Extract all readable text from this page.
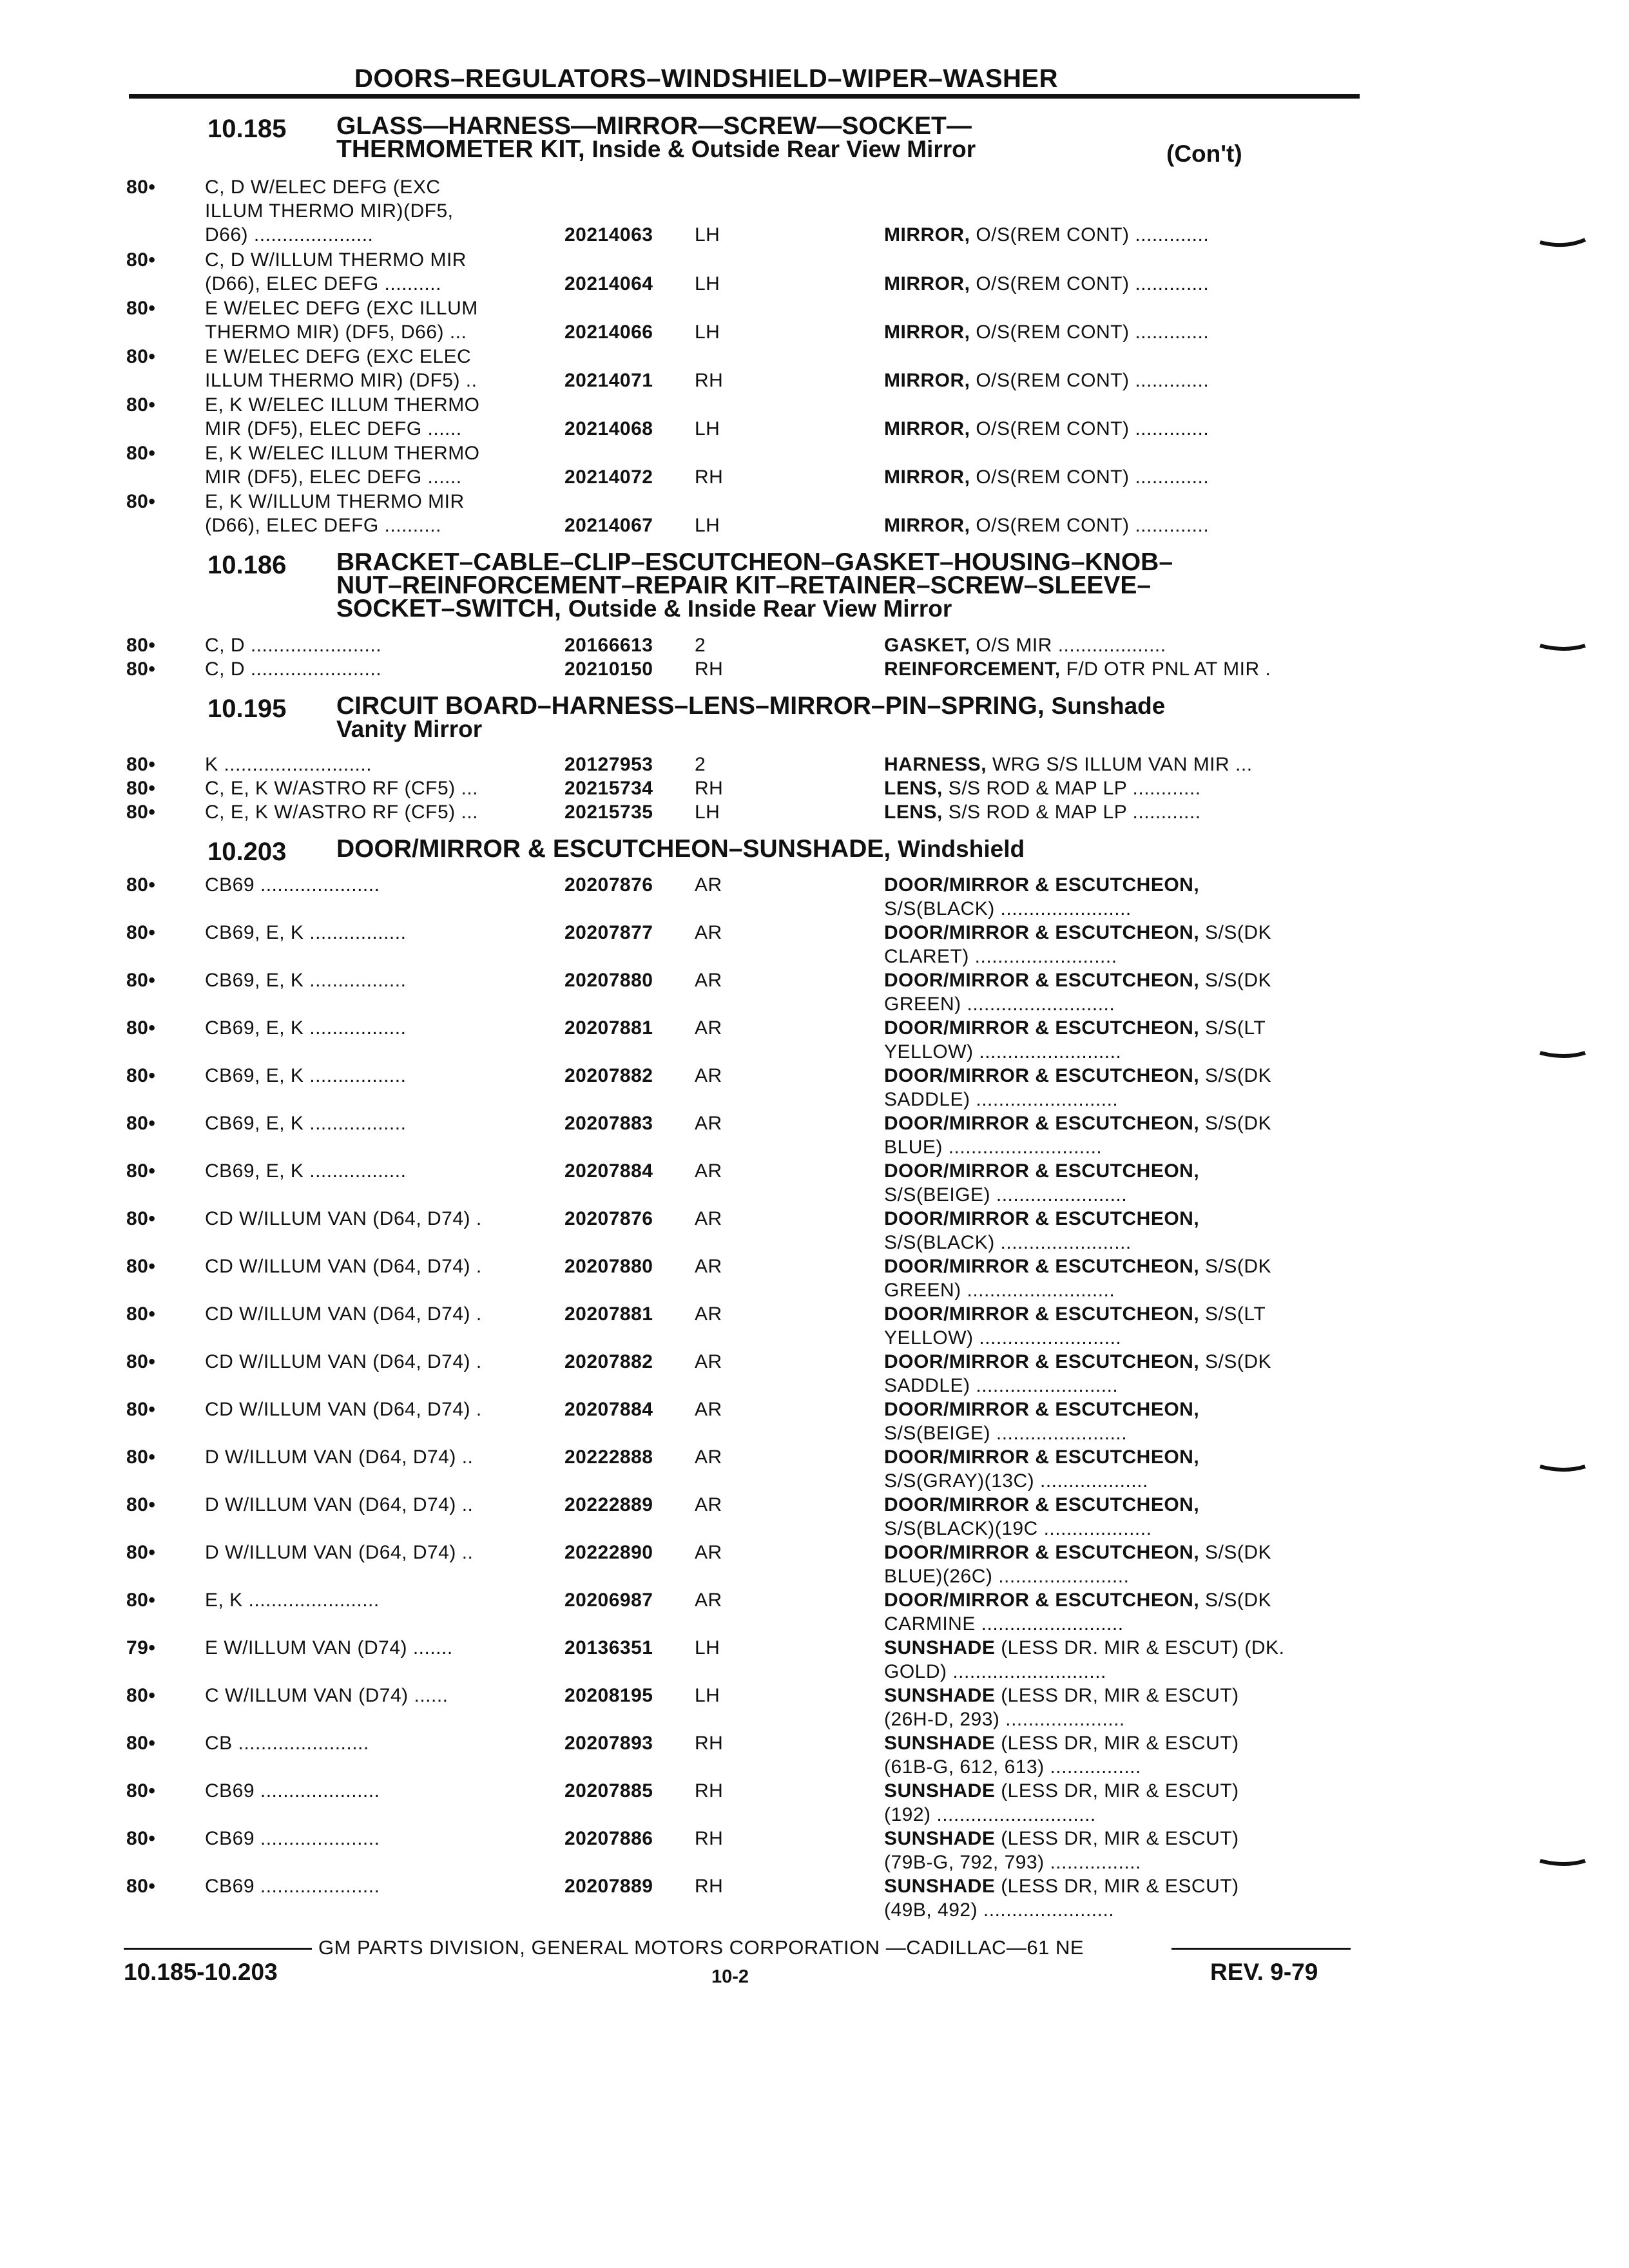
DOORS–REGULATORS–WINDSHIELD–WIPER–WASHER
10.185 GLASS—HARNESS—MIRROR—SCREW—SOCKET—
THERMOMETER KIT, Inside & Outside Rear View Mirror	(Con't)
80•	C, D W/ELEC DEFG (EXC
ILLUM THERMO MIR)(DF5,
D66) .....................	20214063 LH	MIRROR, O/S(REM CONT) .............
80•	C, D W/ILLUM THERMO MIR
(D66), ELEC DEFG ..........	20214064 LH	MIRROR, O/S(REM CONT) .............
80•	E W/ELEC DEFG (EXC ILLUM
THERMO MIR) (DF5, D66) ...	20214066 LH	MIRROR, O/S(REM CONT) .............
80•	E W/ELEC DEFG (EXC ELEC
ILLUM THERMO MIR) (DF5) ..	20214071 RH	MIRROR, O/S(REM CONT) .............
80•	E, K W/ELEC ILLUM THERMO
MIR (DF5), ELEC DEFG ......	20214068 LH	MIRROR, O/S(REM CONT) .............
80•	E, K W/ELEC ILLUM THERMO
MIR (DF5), ELEC DEFG ......	20214072 RH	MIRROR, O/S(REM CONT) .............
80•	E, K W/ILLUM THERMO MIR
(D66), ELEC DEFG ..........	20214067 LH	MIRROR, O/S(REM CONT) .............
10.186 BRACKET–CABLE–CLIP–ESCUTCHEON–GASKET–HOUSING–KNOB–
NUT–REINFORCEMENT–REPAIR KIT–RETAINER–SCREW–SLEEVE–
SOCKET–SWITCH, Outside & Inside Rear View Mirror
80•	C, D .......................	20166613 2	GASKET, O/S MIR ...................
80•	C, D .......................	20210150 RH	REINFORCEMENT, F/D OTR PNL AT MIR .
10.195 CIRCUIT BOARD–HARNESS–LENS–MIRROR–PIN–SPRING, Sunshade
Vanity Mirror
80•	K ..........................	20127953 2	HARNESS, WRG S/S ILLUM VAN MIR ...
80•	C, E, K W/ASTRO RF (CF5) ...	20215734 RH	LENS, S/S ROD & MAP LP ............
80•	C, E, K W/ASTRO RF (CF5) ...	20215735 LH	LENS, S/S ROD & MAP LP ............
10.203 DOOR/MIRROR & ESCUTCHEON–SUNSHADE, Windshield
80•	CB69 .....................	20207876 AR	DOOR/MIRROR & ESCUTCHEON,
S/S(BLACK) .......................
80•	CB69, E, K .................	20207877 AR	DOOR/MIRROR & ESCUTCHEON, S/S(DK
CLARET) .........................
80•	CB69, E, K .................	20207880 AR	DOOR/MIRROR & ESCUTCHEON, S/S(DK
GREEN) ..........................
80•	CB69, E, K .................	20207881 AR	DOOR/MIRROR & ESCUTCHEON, S/S(LT
YELLOW) .........................
80•	CB69, E, K .................	20207882 AR	DOOR/MIRROR & ESCUTCHEON, S/S(DK
SADDLE) .........................
80•	CB69, E, K .................	20207883 AR	DOOR/MIRROR & ESCUTCHEON, S/S(DK
BLUE) ...........................
80•	CB69, E, K .................	20207884 AR	DOOR/MIRROR & ESCUTCHEON,
S/S(BEIGE) .......................
80•	CD W/ILLUM VAN (D64, D74) .	20207876 AR	DOOR/MIRROR & ESCUTCHEON,
S/S(BLACK) .......................
80•	CD W/ILLUM VAN (D64, D74) .	20207880 AR	DOOR/MIRROR & ESCUTCHEON, S/S(DK
GREEN) ..........................
80•	CD W/ILLUM VAN (D64, D74) .	20207881 AR	DOOR/MIRROR & ESCUTCHEON, S/S(LT
YELLOW) .........................
80•	CD W/ILLUM VAN (D64, D74) .	20207882 AR	DOOR/MIRROR & ESCUTCHEON, S/S(DK
SADDLE) .........................
80•	CD W/ILLUM VAN (D64, D74) .	20207884 AR	DOOR/MIRROR & ESCUTCHEON,
S/S(BEIGE) .......................
80•	D W/ILLUM VAN (D64, D74) ..	20222888 AR	DOOR/MIRROR & ESCUTCHEON,
S/S(GRAY)(13C) ...................
80•	D W/ILLUM VAN (D64, D74) ..	20222889 AR	DOOR/MIRROR & ESCUTCHEON,
S/S(BLACK)(19C ...................
80•	D W/ILLUM VAN (D64, D74) ..	20222890 AR	DOOR/MIRROR & ESCUTCHEON, S/S(DK
BLUE)(26C) .......................
80•	E, K .......................	20206987 AR	DOOR/MIRROR & ESCUTCHEON, S/S(DK
CARMINE .........................
79•	E W/ILLUM VAN (D74) .......	20136351 LH	SUNSHADE (LESS DR. MIR & ESCUT) (DK.
GOLD) ...........................
80•	C W/ILLUM VAN (D74) ......	20208195 LH	SUNSHADE (LESS DR, MIR & ESCUT)
(26H-D, 293) .....................
80•	CB .......................	20207893 RH	SUNSHADE (LESS DR, MIR & ESCUT)
(61B-G, 612, 613) ................
80•	CB69 .....................	20207885 RH	SUNSHADE (LESS DR, MIR & ESCUT)
(192) ............................
80•	CB69 .....................	20207886 RH	SUNSHADE (LESS DR, MIR & ESCUT)
(79B-G, 792, 793) ................
80•	CB69 .....................	20207889 RH	SUNSHADE (LESS DR, MIR & ESCUT)
(49B, 492) .......................
GM PARTS DIVISION, GENERAL MOTORS CORPORATION —CADILLAC—61 NE
10.185-10.203	10-2	REV. 9-79
